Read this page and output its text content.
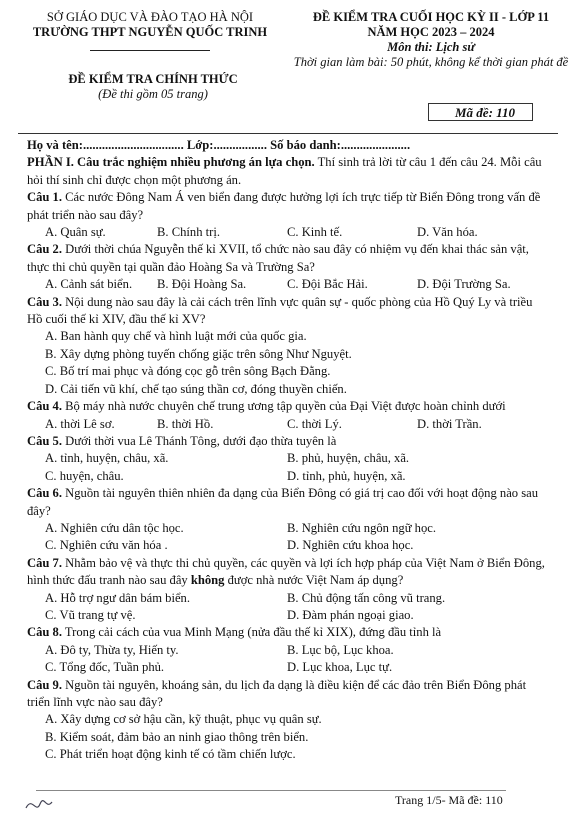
SỞ GIÁO DỤC VÀ ĐÀO TẠO HÀ NỘI
TRƯỜNG THPT NGUYỄN QUỐC TRINH
ĐỀ KIỂM TRA CHÍNH THỨC
(Đề thi gồm 05 trang)
ĐỀ KIỂM TRA CUỐI HỌC KỲ II - LỚP 11
NĂM HỌC 2023 – 2024
Môn thi: Lịch sử
Thời gian làm bài: 50 phút, không kể thời gian phát đề
Mã đề: 110

Họ và tên:................................ Lớp:................. Số báo danh:......................

PHẦN I. Câu trắc nghiệm nhiều phương án lựa chọn. Thí sinh trả lời từ câu 1 đến câu 24. Mỗi câu hỏi thí sinh chỉ được chọn một phương án.

Câu 1. Các nước Đông Nam Á ven biển đang được hưởng lợi ích trực tiếp từ Biển Đông trong vấn đề phát triển nào sau đây?

A. Quân sự.	B. Chính trị.	C. Kinh tế.	D. Văn hóa.

Câu 2. Dưới thời chúa Nguyễn thế kỉ XVII, tổ chức nào sau đây có nhiệm vụ đến khai thác sản vật, thực thi chủ quyền tại quần đảo Hoàng Sa và Trường Sa?

A. Cảnh sát biển.	B. Đội Hoàng Sa.	C. Đội Bắc Hải.	D. Đội Trường Sa.

Câu 3. Nội dung nào sau đây là cải cách trên lĩnh vực quân sự - quốc phòng của Hồ Quý Ly và triều Hồ cuối thế kỉ XIV, đầu thế kỉ XV?

A. Ban hành quy chế và hình luật mới của quốc gia.
B. Xây dựng phòng tuyến chống giặc trên sông Như Nguyệt.
C. Bố trí mai phục và đóng cọc gỗ trên sông Bạch Đằng.
D. Cải tiến vũ khí, chế tạo súng thần cơ, đóng thuyền chiến.

Câu 4. Bộ máy nhà nước chuyên chế trung ương tập quyền của Đại Việt được hoàn chỉnh dưới

A. thời Lê sơ.	B. thời Hồ.	C. thời Lý.	D. thời Trần.

Câu 5. Dưới thời vua Lê Thánh Tông, dưới đạo thừa tuyên là

A. tỉnh, huyện, châu, xã.	B. phủ, huyện, châu, xã.
C. huyện, châu.	D. tỉnh, phủ, huyện, xã.

Câu 6. Nguồn tài nguyên thiên nhiên đa dạng của Biển Đông có giá trị cao đối với hoạt động nào sau đây?

A. Nghiên cứu dân tộc học.	B. Nghiên cứu ngôn ngữ học.
C. Nghiên cứu văn hóa .	D. Nghiên cứu khoa học.

Câu 7. Nhằm bảo vệ và thực thi chủ quyền, các quyền và lợi ích hợp pháp của Việt Nam ở Biển Đông, hình thức đấu tranh nào sau đây không được nhà nước Việt Nam áp dụng?

A. Hỗ trợ ngư dân bám biển.	B. Chủ động tấn công vũ trang.
C. Vũ trang tự vệ.	D. Đàm phán ngoại giao.

Câu 8. Trong cải cách của vua Minh Mạng (nửa đầu thế kỉ XIX), đứng đầu tỉnh là

A. Đô ty, Thừa ty, Hiến ty.	B. Lục bộ, Lục khoa.
C. Tổng đốc, Tuần phủ.	D. Lục khoa, Lục tự.

Câu 9. Nguồn tài nguyên, khoáng sản, du lịch đa dạng là điều kiện để các đảo trên Biển Đông phát triển lĩnh vực nào sau đây?

A. Xây dựng cơ sở hậu cần, kỹ thuật, phục vụ quân sự.
B. Kiểm soát, đảm bảo an ninh giao thông trên biển.
C. Phát triển hoạt động kinh tế có tầm chiến lược.
Trang 1/5- Mã đề: 110
